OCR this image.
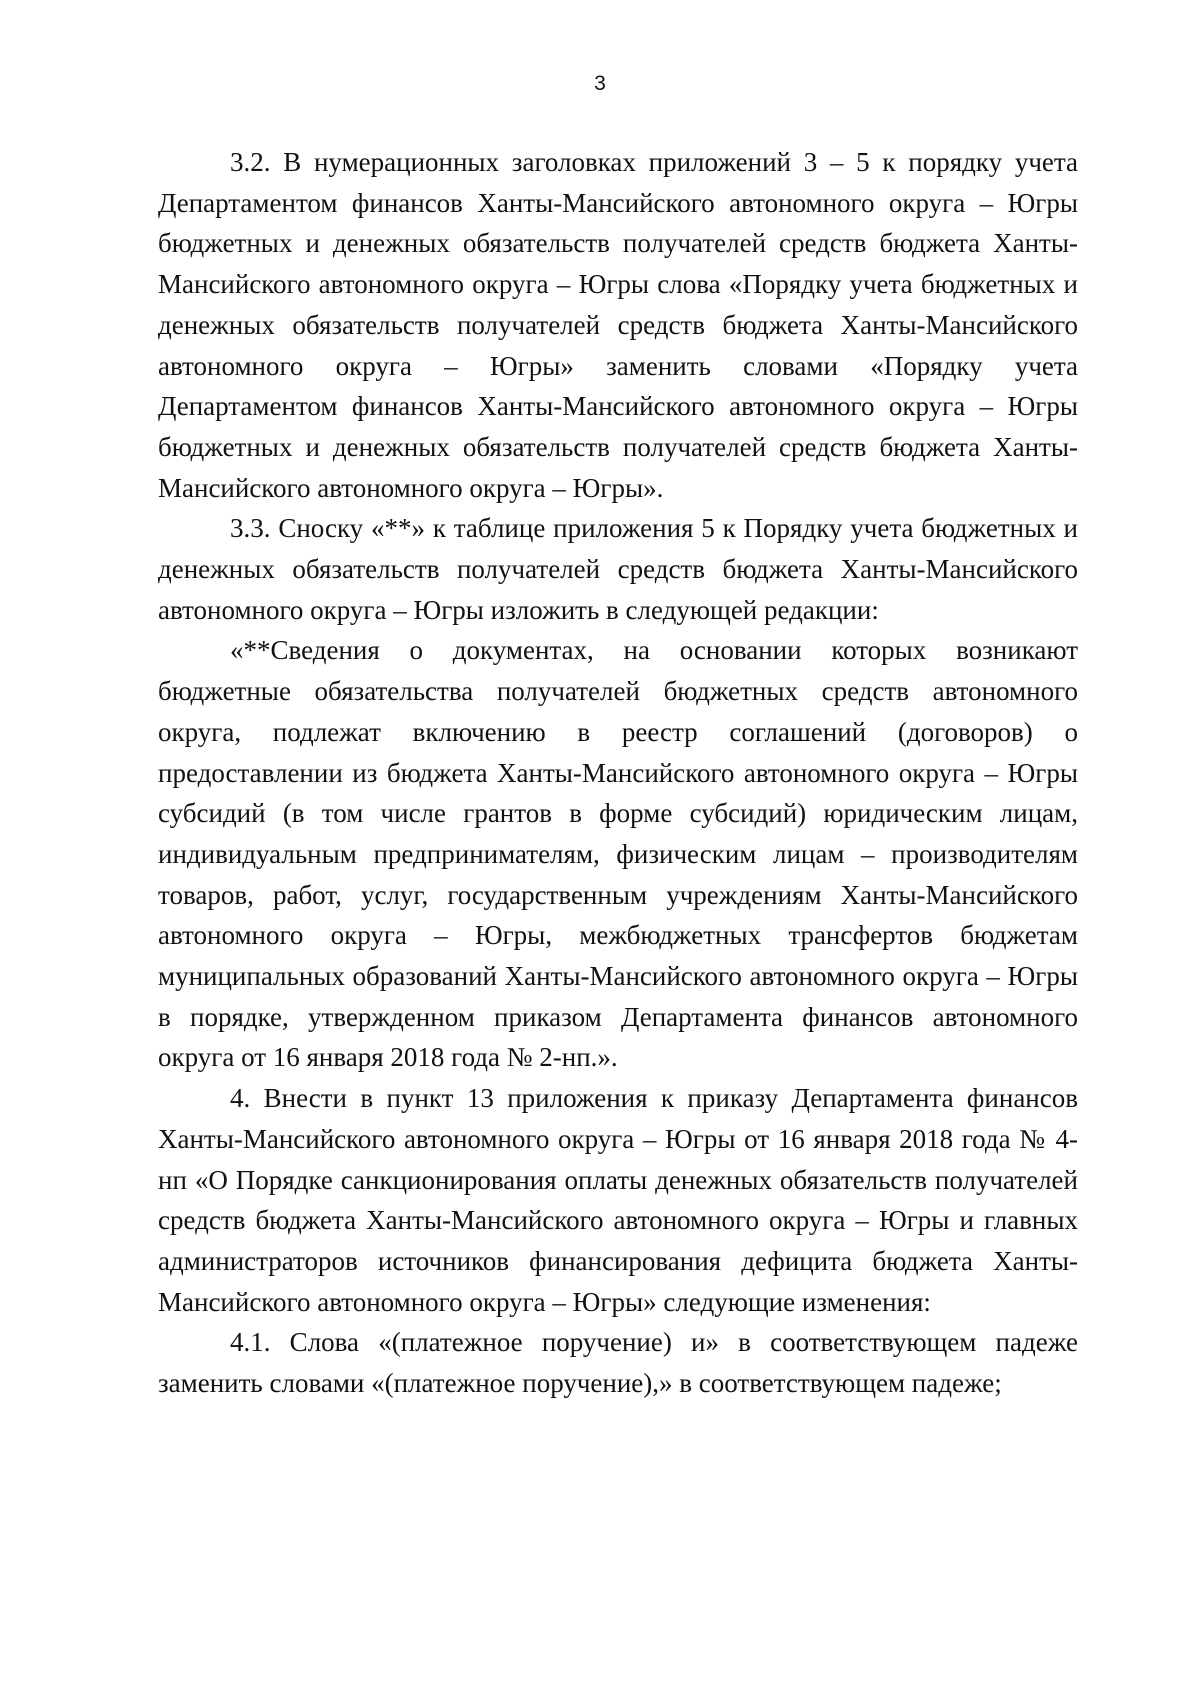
3

3.2. В нумерационных заголовках приложений 3 – 5 к порядку учета Департаментом финансов Ханты-Мансийского автономного округа – Югры бюджетных и денежных обязательств получателей средств бюджета Ханты-Мансийского автономного округа – Югры слова «Порядку учета бюджетных и денежных обязательств получателей средств бюджета Ханты-Мансийского автономного округа – Югры» заменить словами «Порядку учета Департаментом финансов Ханты-Мансийского автономного округа – Югры бюджетных и денежных обязательств получателей средств бюджета Ханты-Мансийского автономного округа – Югры».

3.3. Сноску «**» к таблице приложения 5 к Порядку учета бюджетных и денежных обязательств получателей средств бюджета Ханты-Мансийского автономного округа – Югры изложить в следующей редакции:

«**Сведения о документах, на основании которых возникают бюджетные обязательства получателей бюджетных средств автономного округа, подлежат включению в реестр соглашений (договоров) о предоставлении из бюджета Ханты-Мансийского автономного округа – Югры субсидий (в том числе грантов в форме субсидий) юридическим лицам, индивидуальным предпринимателям, физическим лицам – производителям товаров, работ, услуг, государственным учреждениям Ханты-Мансийского автономного округа – Югры, межбюджетных трансфертов бюджетам муниципальных образований Ханты-Мансийского автономного округа – Югры в порядке, утвержденном приказом Департамента финансов автономного округа от 16 января 2018 года № 2-нп.».

4. Внести в пункт 13 приложения к приказу Департамента финансов Ханты-Мансийского автономного округа – Югры от 16 января 2018 года № 4-нп «О Порядке санкционирования оплаты денежных обязательств получателей средств бюджета Ханты-Мансийского автономного округа – Югры и главных администраторов источников финансирования дефицита бюджета Ханты-Мансийского автономного округа – Югры» следующие изменения:

4.1. Слова «(платежное поручение) и» в соответствующем падеже заменить словами «(платежное поручение),» в соответствующем падеже;
